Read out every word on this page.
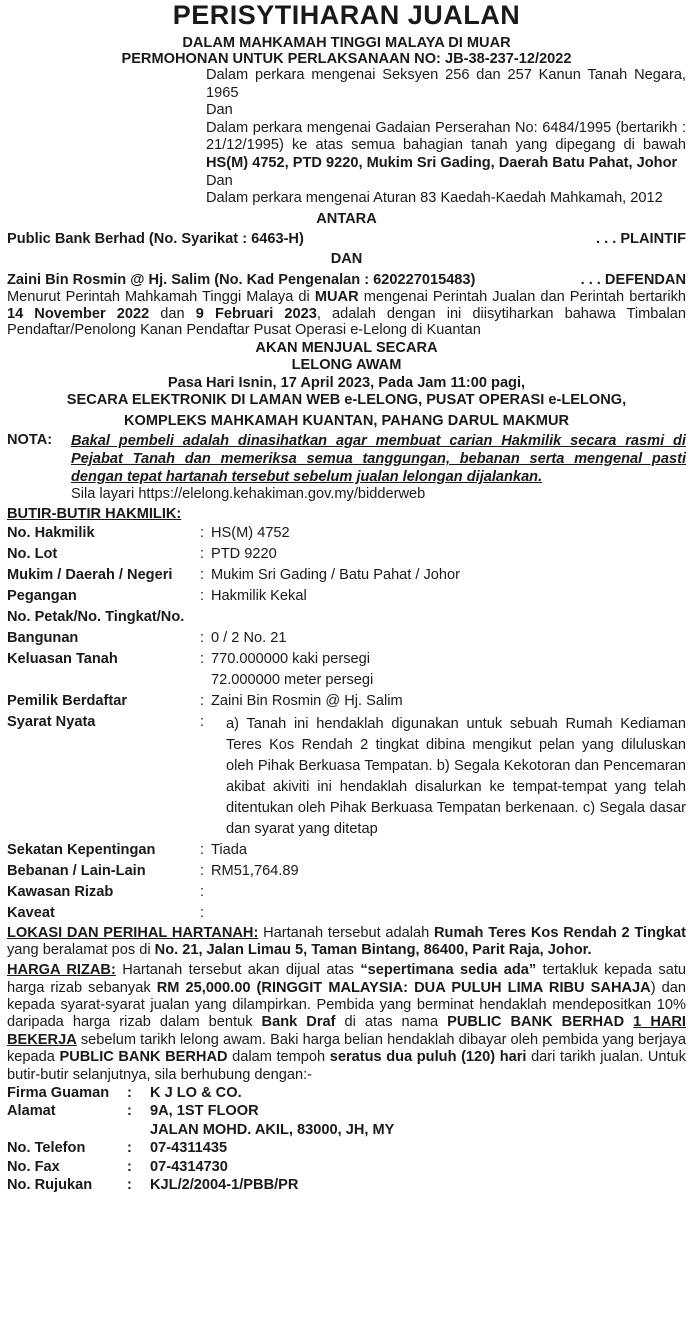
PERISYTIHARAN JUALAN
DALAM MAHKAMAH TINGGI MALAYA DI MUAR
PERMOHONAN UNTUK PERLAKSANAAN NO: JB-38-237-12/2022

Dalam perkara mengenai Seksyen 256 dan 257 Kanun Tanah Negara, 1965

Dan

Dalam perkara mengenai Gadaian Perserahan No: 6484/1995 (bertarikh : 21/12/1995) ke atas semua bahagian tanah yang dipegang di bawah HS(M) 4752, PTD 9220, Mukim Sri Gading, Daerah Batu Pahat, Johor

Dan

Dalam perkara mengenai Aturan 83 Kaedah-Kaedah Mahkamah, 2012

ANTARA
Public Bank Berhad (No. Syarikat : 6463-H)	. . . PLAINTIF
DAN
Zaini Bin Rosmin @ Hj. Salim (No. Kad Pengenalan : 620227015483)	. . . DEFENDAN
Menurut Perintah Mahkamah Tinggi Malaya di MUAR mengenai Perintah Jualan dan Perintah bertarikh 14 November 2022 dan 9 Februari 2023, adalah dengan ini diisytiharkan bahawa Timbalan Pendaftar/Penolong Kanan Pendaftar Pusat Operasi e-Lelong di Kuantan
AKAN MENJUAL SECARA
LELONG AWAM
Pasa Hari Isnin, 17 April 2023, Pada Jam 11:00 pagi,
SECARA ELEKTRONIK DI LAMAN WEB e-LELONG, PUSAT OPERASI e-LELONG,
KOMPLEKS MAHKAMAH KUANTAN, PAHANG DARUL MAKMUR
NOTA:	Bakal pembeli adalah dinasihatkan agar membuat carian Hakmilik secara rasmi di Pejabat Tanah dan memeriksa semua tanggungan, bebanan serta mengenal pasti dengan tepat hartanah tersebut sebelum jualan lelongan dijalankan.
Sila layari https://elelong.kehakiman.gov.my/bidderweb
BUTIR-BUTIR HAKMILIK:
No. Hakmilik	:	HS(M) 4752
No. Lot	:	PTD 9220
Mukim / Daerah / Negeri	:	Mukim Sri Gading / Batu Pahat / Johor
Pegangan	:	Hakmilik Kekal
No. Petak/No. Tingkat/No.		
Bangunan	:	0 / 2 No. 21
Keluasan Tanah	:	770.000000 kaki persegi
		72.000000 meter persegi
Pemilik Berdaftar	:	Zaini Bin Rosmin @ Hj. Salim
Syarat Nyata	:	a) Tanah ini hendaklah digunakan untuk sebuah Rumah Kediaman Teres Kos Rendah 2 tingkat dibina mengikut pelan yang diluluskan oleh Pihak Berkuasa Tempatan. b) Segala Kekotoran dan Pencemaran akibat akiviti ini hendaklah disalurkan ke tempat-tempat yang telah ditentukan oleh Pihak Berkuasa Tempatan berkenaan. c) Segala dasar dan syarat yang ditetap
Sekatan Kepentingan	:	Tiada
Bebanan / Lain-Lain	:	RM51,764.89
Kawasan Rizab	:	
Kaveat	:	
LOKASI DAN PERIHAL HARTANAH: Hartanah tersebut adalah Rumah Teres Kos Rendah 2 Tingkat yang beralamat pos di No. 21, Jalan Limau 5, Taman Bintang, 86400, Parit Raja, Johor.
HARGA RIZAB: Hartanah tersebut akan dijual atas “sepertimana sedia ada” tertakluk kepada satu harga rizab sebanyak RM 25,000.00 (RINGGIT MALAYSIA: DUA PULUH LIMA RIBU SAHAJA) dan kepada syarat-syarat jualan yang dilampirkan. Pembida yang berminat hendaklah mendepositkan 10% daripada harga rizab dalam bentuk Bank Draf di atas nama PUBLIC BANK BERHAD 1 HARI BEKERJA sebelum tarikh lelong awam. Baki harga belian hendaklah dibayar oleh pembida yang berjaya kepada PUBLIC BANK BERHAD dalam tempoh seratus dua puluh (120) hari dari tarikh jualan. Untuk butir-butir selanjutnya, sila berhubung dengan:-
Firma Guaman	:	K J LO & CO.
Alamat	:	9A, 1ST FLOOR
		JALAN MOHD. AKIL, 83000, JH, MY
No. Telefon	:	07-4311435
No. Fax	:	07-4314730
No. Rujukan	:	KJL/2/2004-1/PBB/PR
